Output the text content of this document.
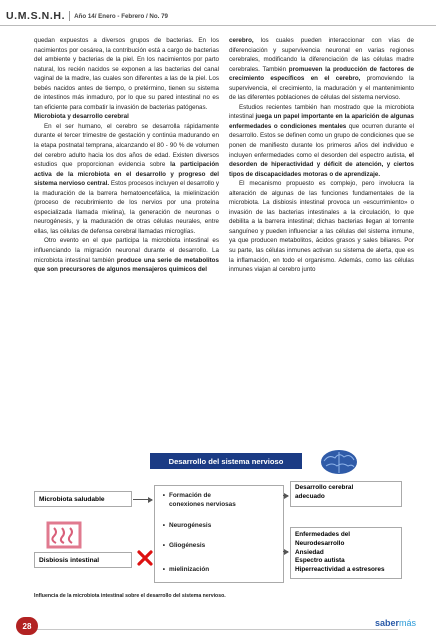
U.M.S.N.H. Año 14/ Enero - Febrero / No. 79

quedan expuestos a diversos grupos de bacterias. En los nacimientos por cesárea, la contribución está a cargo de bacterias del ambiente y bacterias de la piel. En los nacimientos por parto natural, los recién nacidos se exponen a las bacterias del canal vaginal de la madre, las cuales son diferentes a las de la piel. Los bebés nacidos antes de tiempo, o pretérmino, tienen su sistema de intestinos más inmaduro, por lo que su pared intestinal no es tan eficiente para combatir la invasión de bacterias patógenas.

Microbiota y desarrollo cerebral

En el ser humano, el cerebro se desarrolla rápidamente durante el tercer trimestre de gestación y continúa madurando en la etapa postnatal temprana, alcanzando el 80 - 90 % de volumen del cerebro adulto hacia los dos años de edad. Existen diversos estudios que proporcionan evidencia sobre la participación activa de la microbiota en el desarrollo y progreso del sistema nervioso central. Estos procesos incluyen el desarrollo y la maduración de la barrera hematoencefálica, la mielinización (proceso de recubrimiento de los nervios por una proteína especializada llamada mielina), la generación de neuronas o neurogénesis, y la maduración de otras células neurales, entre ellas, las células de defensa cerebral llamadas microglías.

Otro evento en el que participa la microbiota intestinal es influenciando la migración neuronal durante el desarrollo. La microbiota intestinal también produce una serie de metabolitos que son precursores de algunos mensajeros químicos del

cerebro, los cuales pueden interaccionar con vías de diferenciación y supervivencia neuronal en varias regiones cerebrales, modificando la diferenciación de las células madre cerebrales. También promueven la producción de factores de crecimiento específicos en el cerebro, promoviendo la supervivencia, el crecimiento, la maduración y el mantenimiento de las diferentes poblaciones de células del sistema nervioso.

Estudios recientes también han mostrado que la microbiota intestinal juega un papel importante en la aparición de algunas enfermedades o condiciones mentales que ocurren durante el desarrollo. Estos se definen como un grupo de condiciones que se ponen de manifiesto durante los primeros años del individuo e incluyen enfermedades como el desorden del espectro autista, el desorden de hiperactividad y déficit de atención, y ciertos tipos de discapacidades motoras o de aprendizaje.

El mecanismo propuesto es complejo, pero involucra la alteración de algunas de las funciones fundamentales de la microbiota. La disbiosis intestinal provoca un «escurrimiento» o invasión de las bacterias intestinales a la circulación, lo que debilita a la barrera intestinal; dichas bacterias llegan al torrente sanguíneo y pueden influenciar a las células del sistema inmune, ya que producen metabolitos, ácidos grasos y sales biliares. Por su parte, las células inmunes activan su sistema de alerta, que es la inflamación, en todo el organismo. Además, como las células inmunes viajan al cerebro junto

Desarrollo del sistema nervioso
Microbiota saludable
Disbiosis intestinal
• Formación de
conexiones nerviosas
• Neurogénesis
• Gliogénesis
• mielinización
Desarrollo cerebral
adecuado
Enfermedades del
Neurodesarrollo
Ansiedad
Espectro autista
Hiperreactividad a estresores
Influencia de la microbiota intestinal sobre el desarrollo del sistema nervioso.
28	saber más
